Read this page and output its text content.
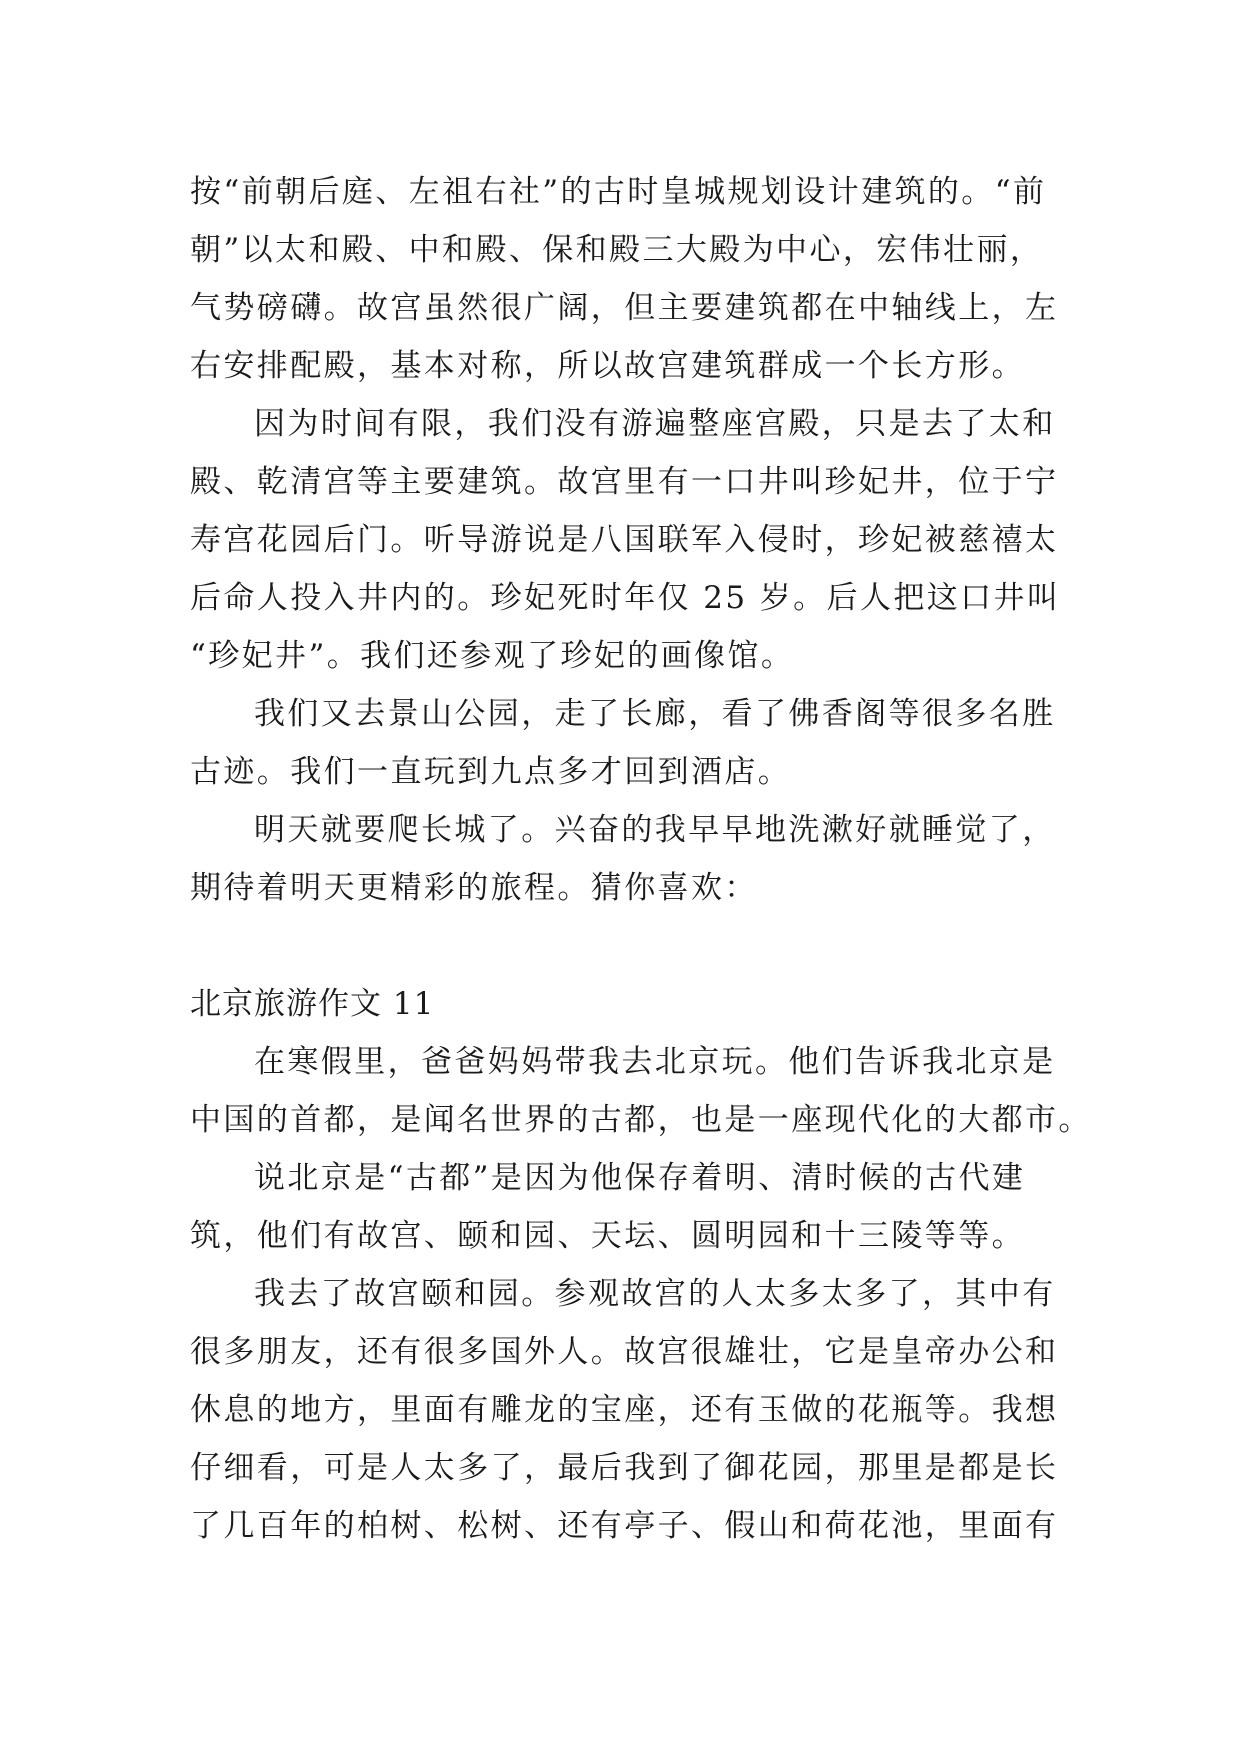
按“前朝后庭、左祖右社”的古时皇城规划设计建筑的。“前
朝”以太和殿、中和殿、保和殿三大殿为中心，宏伟壮丽，
气势磅礴。故宫虽然很广阔，但主要建筑都在中轴线上，左
右安排配殿，基本对称，所以故宫建筑群成一个长方形。
因为时间有限，我们没有游遍整座宫殿，只是去了太和
殿、乾清宫等主要建筑。故宫里有一口井叫珍妃井，位于宁
寿宫花园后门。听导游说是八国联军入侵时，珍妃被慈禧太
后命人投入井内的。珍妃死时年仅 25 岁。后人把这口井叫
“珍妃井”。我们还参观了珍妃的画像馆。
我们又去景山公园，走了长廊，看了佛香阁等很多名胜
古迹。我们一直玩到九点多才回到酒店。
明天就要爬长城了。兴奋的我早早地洗漱好就睡觉了，
期待着明天更精彩的旅程。猜你喜欢：
北京旅游作文 11
在寒假里，爸爸妈妈带我去北京玩。他们告诉我北京是
中国的首都，是闻名世界的古都，也是一座现代化的大都市。
说北京是“古都”是因为他保存着明、清时候的古代建
筑，他们有故宫、颐和园、天坛、圆明园和十三陵等等。
我去了故宫颐和园。参观故宫的人太多太多了，其中有
很多朋友，还有很多国外人。故宫很雄壮，它是皇帝办公和
休息的地方，里面有雕龙的宝座，还有玉做的花瓶等。我想
仔细看，可是人太多了，最后我到了御花园，那里是都是长
了几百年的柏树、松树、还有亭子、假山和荷花池，里面有
